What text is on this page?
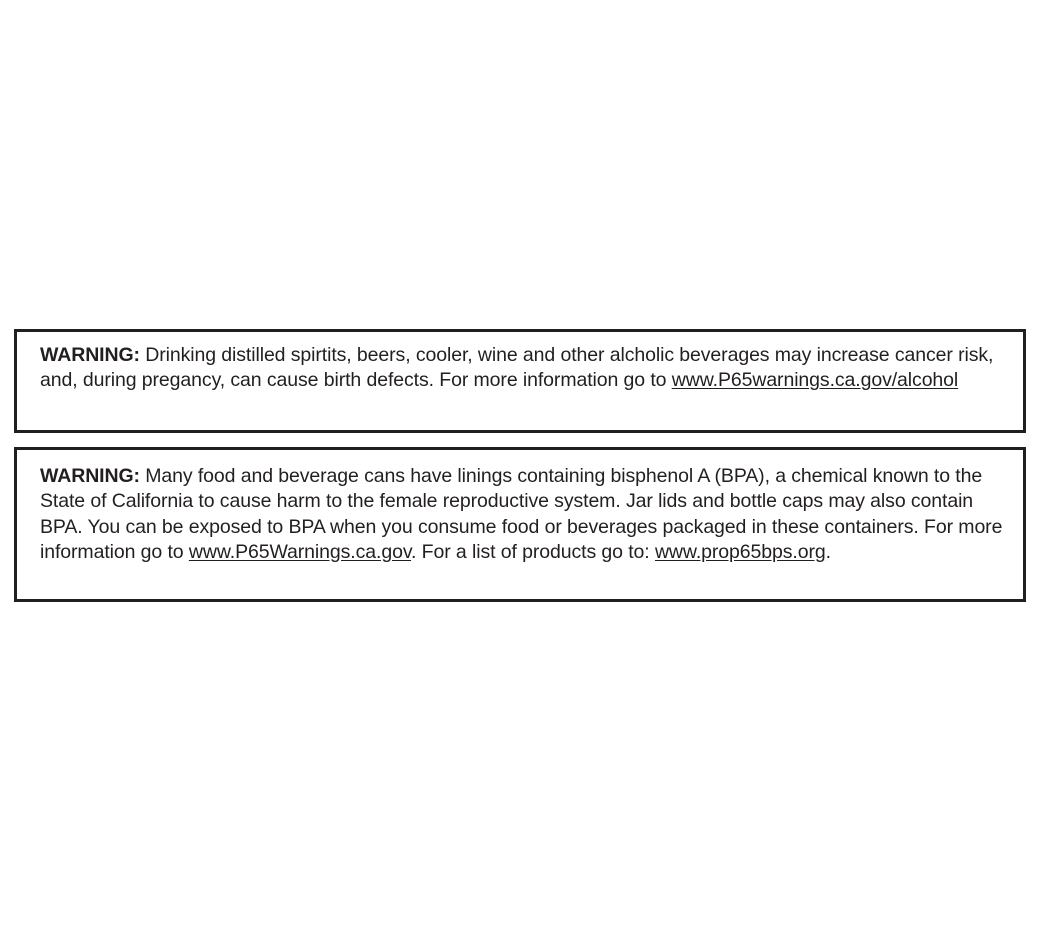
WARNING: Drinking distilled spirtits, beers, cooler, wine and other alcholic beverages may increase cancer risk, and, during pregancy, can cause birth defects. For more information go to www.P65warnings.ca.gov/alcohol

WARNING: Many food and beverage cans have linings containing bisphenol A (BPA), a chemical known to the State of California to cause harm to the female reproductive system. Jar lids and bottle caps may also contain BPA. You can be exposed to BPA when you consume food or beverages packaged in these containers. For more information go to www.P65Warnings.ca.gov. For a list of products go to: www.prop65bps.org.
